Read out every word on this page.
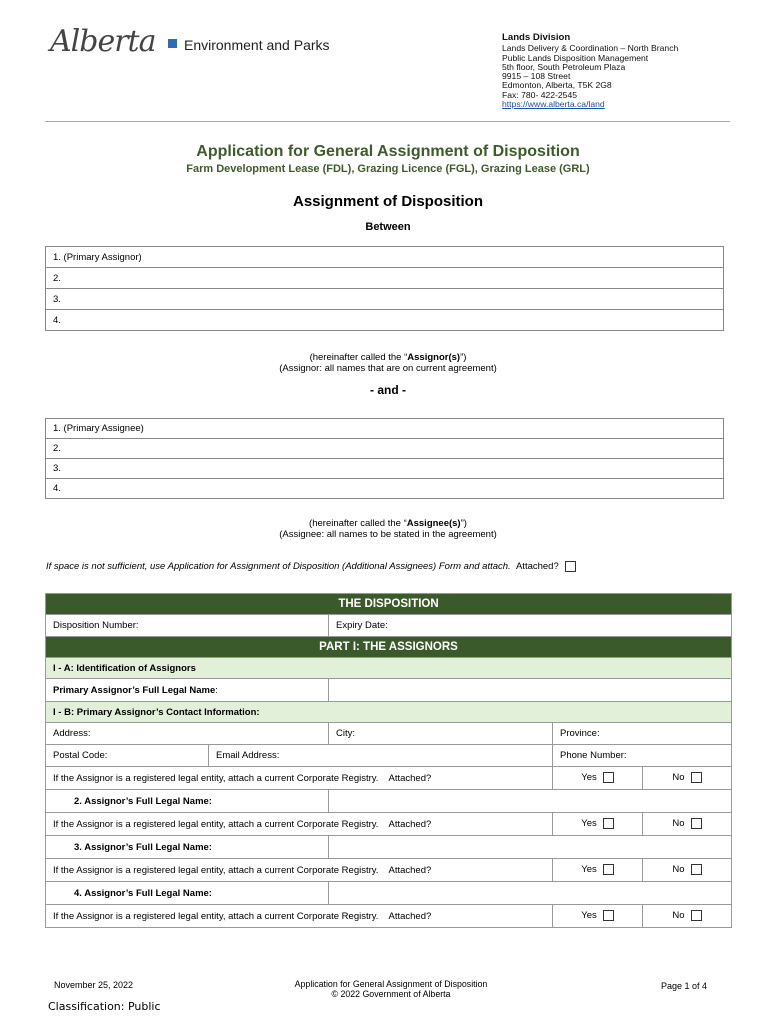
Alberta Environment and Parks	Lands Division
Lands Delivery & Coordination – North Branch
Public Lands Disposition Management
5th floor, South Petroleum Plaza
9915 – 108 Street
Edmonton, Alberta, T5K 2G8
Fax: 780- 422-2545
https://www.alberta.ca/land
Application for General Assignment of Disposition
Farm Development Lease (FDL), Grazing Licence (FGL), Grazing Lease (GRL)
Assignment of Disposition
Between
1. (Primary Assignor)
2.
3.
4.
(hereinafter called the “Assignor(s)”)
(Assignor: all names that are on current agreement)
- and -
1. (Primary Assignee)
2.
3.
4.
(hereinafter called the “Assignee(s)”)
(Assignee: all names to be stated in the agreement)
If space is not sufficient, use Application for Assignment of Disposition (Additional Assignees) Form and attach. Attached?
THE DISPOSITION				
Disposition Number:		Expiry Date:		
PART I: THE ASSIGNORS				
I - A: Identification of Assignors				
Primary Assignor’s Full Legal Name:				
I - B: Primary Assignor’s Contact Information:				
Address:		City:	Province:	
Postal Code:	Email Address:		Phone Number:	
If the Assignor is a registered legal entity, attach a current Corporate Registry. Attached?			Yes	No
2. Assignor’s Full Legal Name:				
If the Assignor is a registered legal entity, attach a current Corporate Registry. Attached?			Yes	No
3. Assignor’s Full Legal Name:				
If the Assignor is a registered legal entity, attach a current Corporate Registry. Attached?			Yes	No
4. Assignor’s Full Legal Name:				
If the Assignor is a registered legal entity, attach a current Corporate Registry. Attached?			Yes	No
November 25, 2022	Application for General Assignment of Disposition
© 2022 Government of Alberta
Page 1 of 4
Classification: Public
